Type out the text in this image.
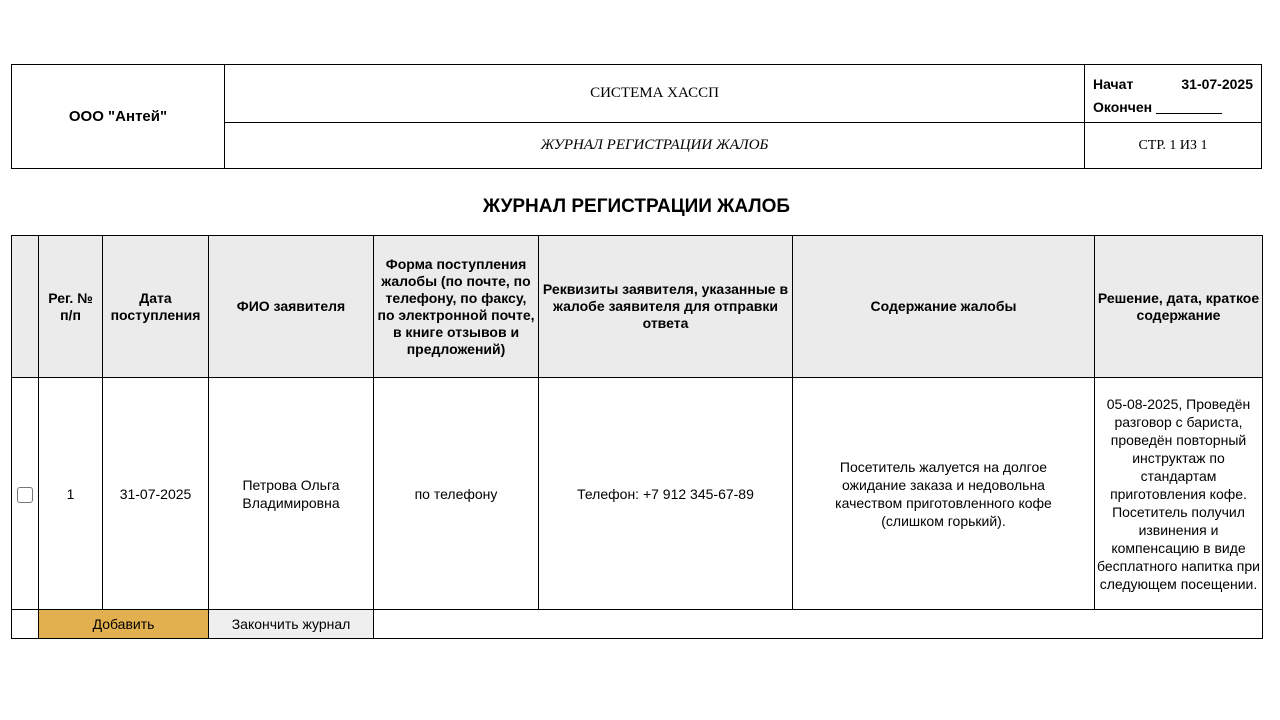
ООО "Антей"	СИСТЕМА ХАССП	Начат 31-07-2025
Окончен

	ЖУРНАЛ РЕГИСТРАЦИИ ЖАЛОБ	СТР. 1 ИЗ 1
ЖУРНАЛ РЕГИСТРАЦИИ ЖАЛОБ
	Рег. № п/п	Дата поступления	ФИО заявителя	Форма поступления жалобы (по почте, по телефону, по факсу, по электронной почте, в книге отзывов и предложений)	Реквизиты заявителя, указанные в жалобе заявителя для отправки ответа	Содержание жалобы	Решение, дата, краткое содержание
	1	31-07-2025	Петрова Ольга Владимировна	по телефону	Телефон: +7 912 345-67-89	Посетитель жалуется на долгое ожидание заказа и недовольна качеством приготовленного кофе (слишком горький).	05-08-2025, Проведён разговор с бариста, проведён повторный инструктаж по стандартам приготовления кофе. Посетитель получил извинения и компенсацию в виде бесплатного напитка при следующем посещении.
	Добавить		Закончить журнал				
